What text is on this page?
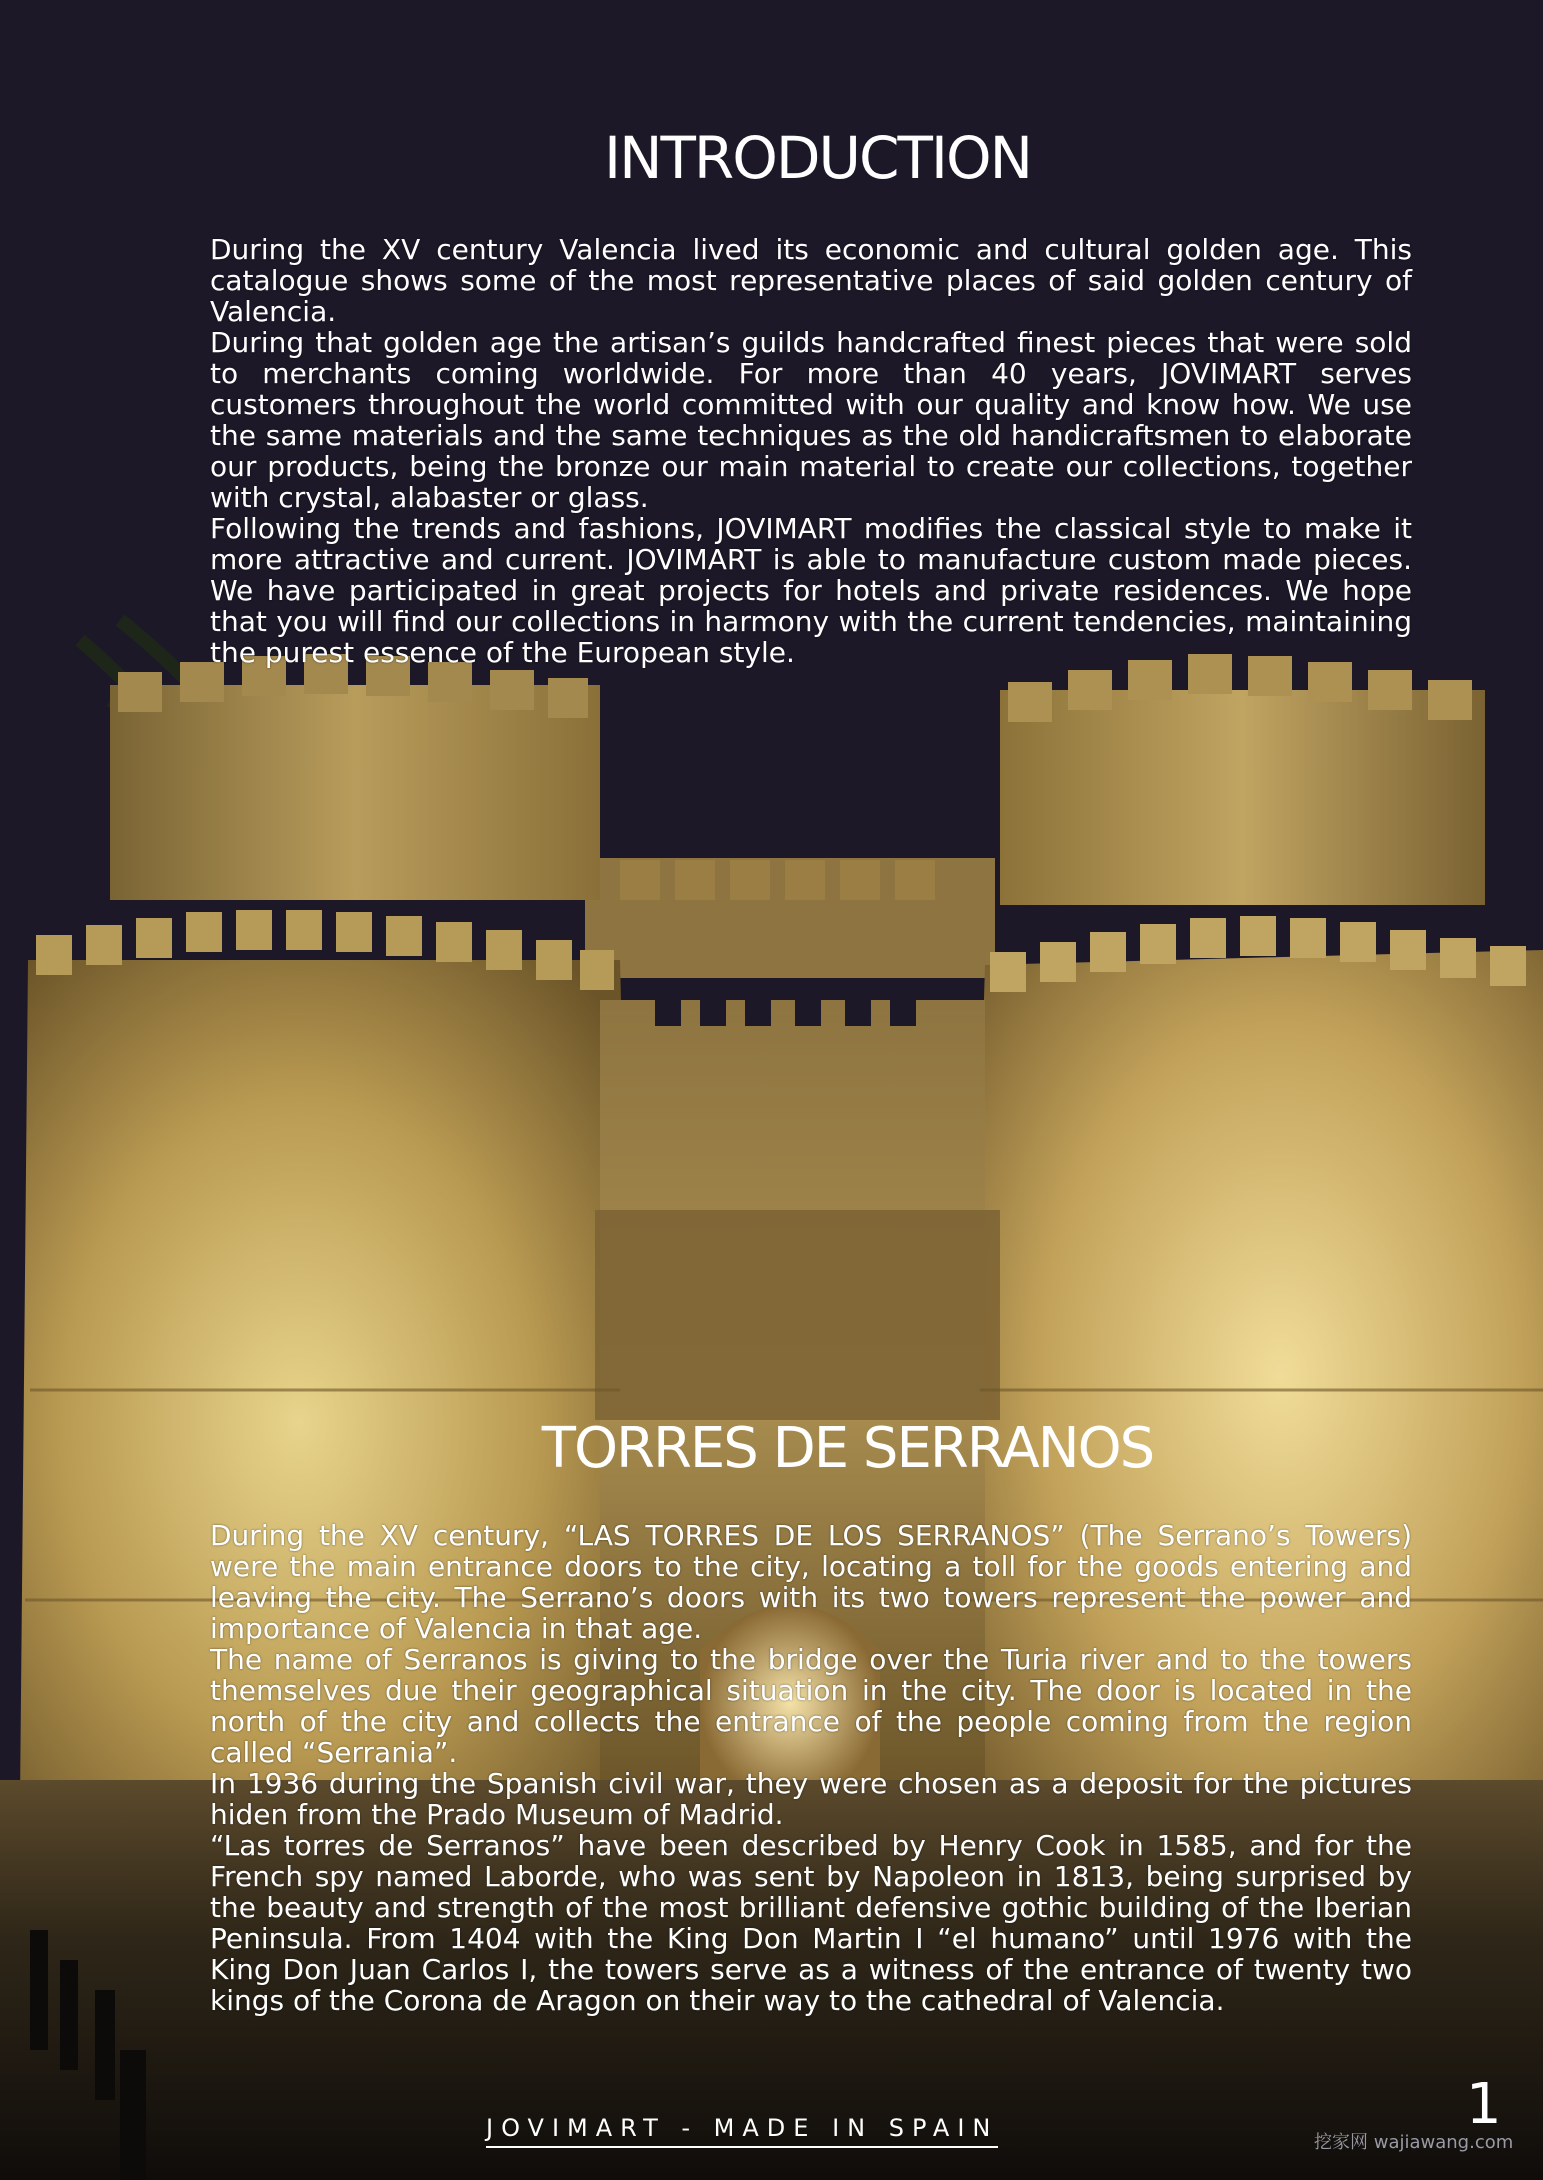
INTRODUCTION

During the XV century Valencia lived its economic and cultural golden age. This catalogue shows some of the most representative places of said golden century of Valencia.

During that golden age the artisan’s guilds handcrafted finest pieces that were sold to merchants coming worldwide. For more than 40 years, JOVIMART serves customers throughout the world committed with our quality and know how. We use the same materials and the same techniques as the old handicraftsmen to elaborate our products, being the bronze our main material to create our collections, together with crystal, alabaster or glass.

Following the trends and fashions, JOVIMART modifies the classical style to make it more attractive and current. JOVIMART is able to manufacture custom made pieces. We have participated in great projects for hotels and private residences. We hope that you will find our collections in harmony with the current tendencies, maintaining the purest essence of the European style.

TORRES DE SERRANOS

During the XV century, “LAS TORRES DE LOS SERRANOS” (The Serrano’s Towers) were the main entrance doors to the city, locating a toll for the goods entering and leaving the city. The Serrano’s doors with its two towers represent the power and importance of Valencia in that age.

The name of Serranos is giving to the bridge over the Turia river and to the towers themselves due their geographical situation in the city. The door is located in the north of the city and collects the entrance of the people coming from the region called “Serrania”.

In 1936 during the Spanish civil war, they were chosen as a deposit for the pictures hiden from the Prado Museum of Madrid.

“Las torres de Serranos” have been described by Henry Cook in 1585, and for the French spy named Laborde, who was sent by Napoleon in 1813, being surprised by the beauty and strength of the most brilliant defensive gothic building of the Iberian Peninsula. From 1404 with the King Don Martin I “el humano” until 1976 with the King Don Juan Carlos I, the towers serve as a witness of the entrance of twenty two kings of the Corona de Aragon on their way to the cathedral of Valencia.

JOVIMART - MADE IN SPAIN	1
挖家网 wajiawang.com
